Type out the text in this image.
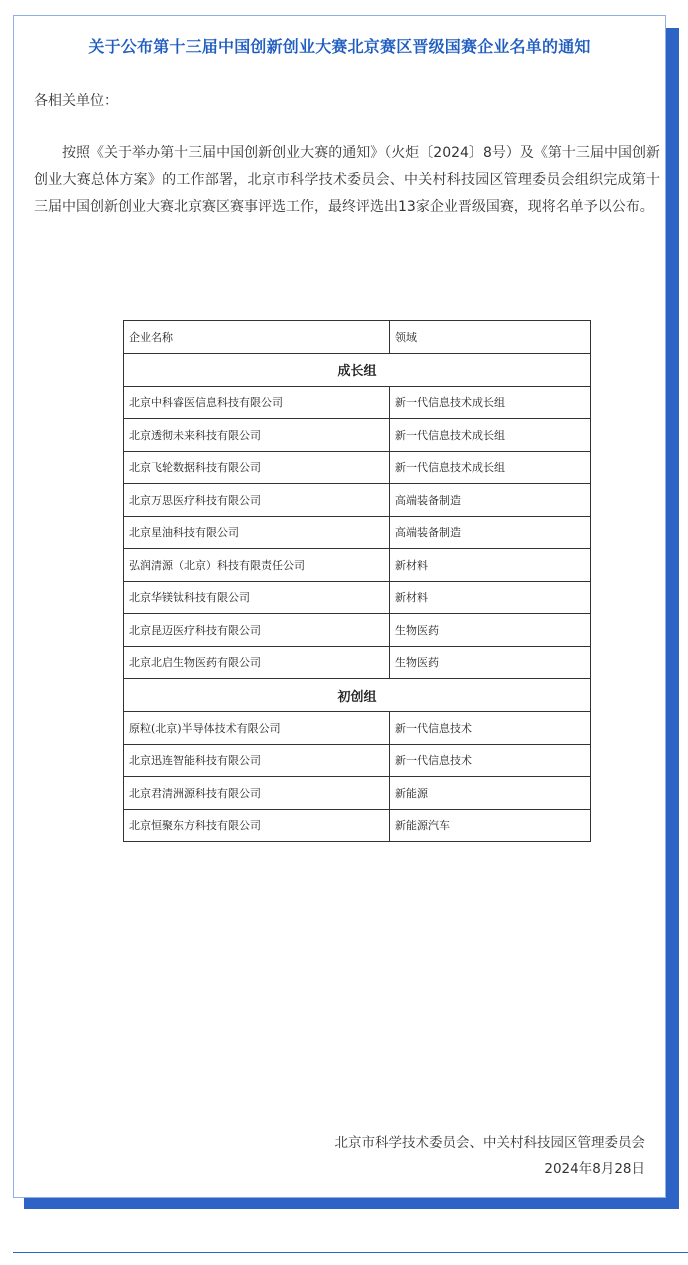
关于公布第十三届中国创新创业大赛北京赛区晋级国赛企业名单的通知
各相关单位：
按照《关于举办第十三届中国创新创业大赛的通知》（火炬〔2024〕8号）及《第十三届中国创新创业大赛总体方案》的工作部署，北京市科学技术委员会、中关村科技园区管理委员会组织完成第十三届中国创新创业大赛北京赛区赛事评选工作，最终评选出13家企业晋级国赛，现将名单予以公布。
企业名称	领域
成长组	
北京中科睿医信息科技有限公司	新一代信息技术成长组
北京透彻未来科技有限公司	新一代信息技术成长组
北京飞轮数据科技有限公司	新一代信息技术成长组
北京万思医疗科技有限公司	高端装备制造
北京星油科技有限公司	高端装备制造
弘润清源（北京）科技有限责任公司	新材料
北京华镁钛科技有限公司	新材料
北京昆迈医疗科技有限公司	生物医药
北京北启生物医药有限公司	生物医药
初创组	
原粒(北京)半导体技术有限公司	新一代信息技术
北京迅连智能科技有限公司	新一代信息技术
北京君清洲源科技有限公司	新能源
北京恒聚东方科技有限公司	新能源汽车
北京市科学技术委员会、中关村科技园区管理委员会
2024年8月28日
